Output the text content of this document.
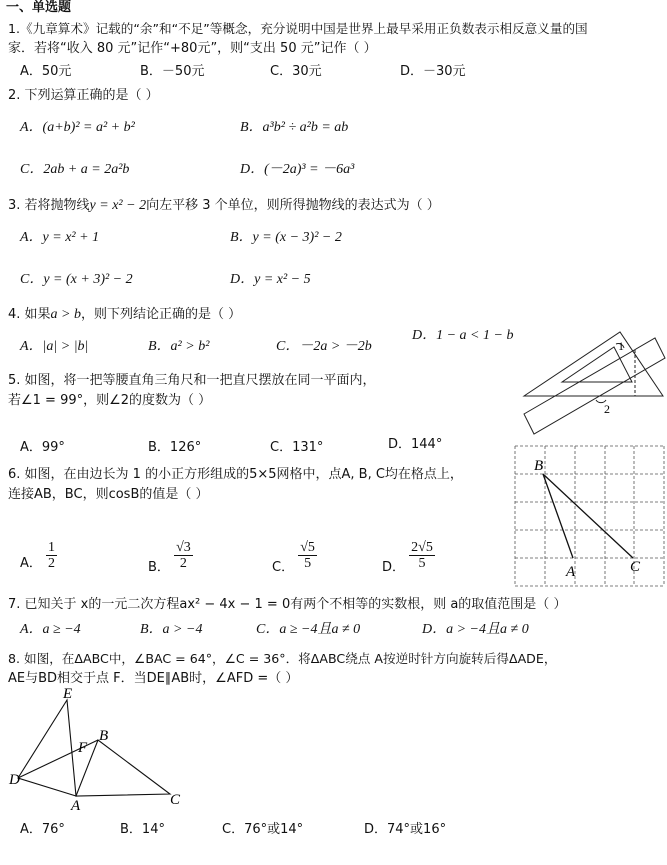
一、单选题
1.《九章算术》记载的“余”和“不足”等概念，充分说明中国是世界上最早采用正负数表示相反意义量的国
家．若将“收入 80 元”记作“+80元”，则“支出 50 元”记作（ ）
A．50元	B．－50元	C．30元	D．－30元
2. 下列运算正确的是（ ）
A．(a+b)² = a² + b²	B．a³b² ÷ a²b = ab
C．2ab + a = 2a²b	D．(－2a)³ = －6a³
3. 若将抛物线y = x² − 2向左平移 3 个单位，则所得抛物线的表达式为（ ）
A．y = x² + 1	B．y = (x − 3)² − 2
C．y = (x + 3)² − 2	D．y = x² − 5
4. 如果a > b，则下列结论正确的是（ ）
A．|a| > |b|	B．a² > b²	C．－2a > －2b
D．1 − a < 1 − b
5. 如图，将一把等腰直角三角尺和一把直尺摆放在同一平面内，
若∠1 = 99°，则∠2的度数为（ ）
A．99°	B．126°	C．131°	D．144°
1
2
6. 如图，在由边长为 1 的小正方形组成的5×5网格中，点A, B, C均在格点上，
连接AB，BC，则cosB的值是（ ）
A． $\frac{1}{2}$	B． $\frac{√3}{2}$	C． $\frac{√5}{5}$	D． $\frac{2√5}{5}$
B
A	C
7. 已知关于 x的一元二次方程ax² − 4x − 1 = 0有两个不相等的实数根，则 a的取值范围是（ ）
A．a ≥ −4	B．a > −4	C．a ≥ −4且a ≠ 0	D．a > −4且a ≠ 0
8. 如图，在ΔABC中，∠BAC = 64°，∠C = 36°．将ΔABC绕点 A按逆时针方向旋转后得ΔADE，
AE与BD相交于点 F．当DE∥AB时，∠AFD =（ ）
E
F
B
D
A	C
A．76°	B．14°	C．76°或14°	D．74°或16°
